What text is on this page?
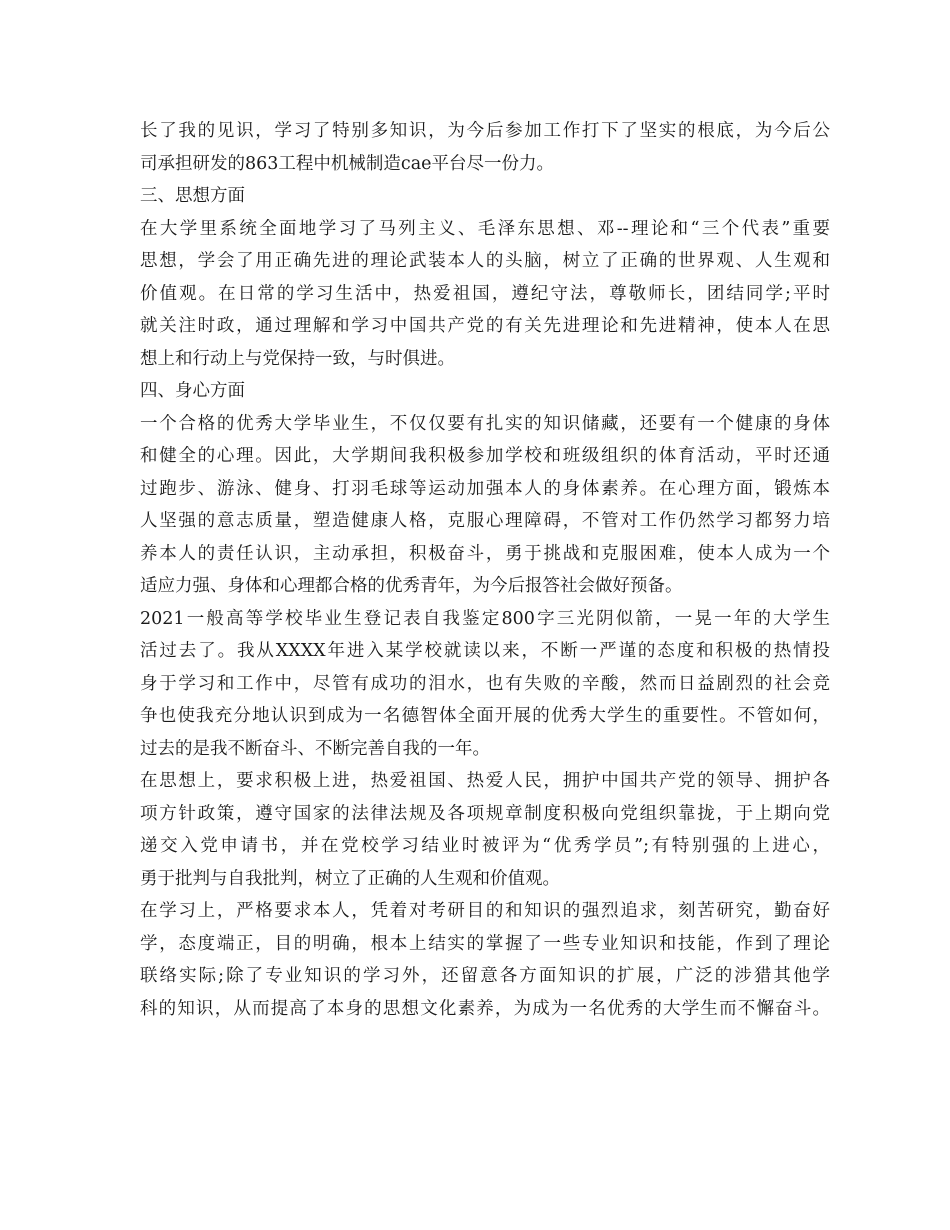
长了我的见识，学习了特别多知识，为今后参加工作打下了坚实的根底，为今后公
司承担研发的863工程中机械制造cae平台尽一份力。
三、思想方面
在大学里系统全面地学习了马列主义、毛泽东思想、邓--理论和“三个代表”重要
思想，学会了用正确先进的理论武装本人的头脑，树立了正确的世界观、人生观和
价值观。在日常的学习生活中，热爱祖国，遵纪守法，尊敬师长，团结同学;平时
就关注时政，通过理解和学习中国共产党的有关先进理论和先进精神，使本人在思
想上和行动上与党保持一致，与时俱进。
四、身心方面
一个合格的优秀大学毕业生，不仅仅要有扎实的知识储藏，还要有一个健康的身体
和健全的心理。因此，大学期间我积极参加学校和班级组织的体育活动，平时还通
过跑步、游泳、健身、打羽毛球等运动加强本人的身体素养。在心理方面，锻炼本
人坚强的意志质量，塑造健康人格，克服心理障碍，不管对工作仍然学习都努力培
养本人的责任认识，主动承担，积极奋斗，勇于挑战和克服困难，使本人成为一个
适应力强、身体和心理都合格的优秀青年，为今后报答社会做好预备。
2021一般高等学校毕业生登记表自我鉴定800字三光阴似箭，一晃一年的大学生
活过去了。我从XXXX年进入某学校就读以来，不断一严谨的态度和积极的热情投
身于学习和工作中，尽管有成功的泪水，也有失败的辛酸，然而日益剧烈的社会竞
争也使我充分地认识到成为一名德智体全面开展的优秀大学生的重要性。不管如何，
过去的是我不断奋斗、不断完善自我的一年。
在思想上，要求积极上进，热爱祖国、热爱人民，拥护中国共产党的领导、拥护各
项方针政策，遵守国家的法律法规及各项规章制度积极向党组织靠拢，于上期向党
递交入党申请书，并在党校学习结业时被评为“优秀学员”;有特别强的上进心，
勇于批判与自我批判，树立了正确的人生观和价值观。
在学习上，严格要求本人，凭着对考研目的和知识的强烈追求，刻苦研究，勤奋好
学，态度端正，目的明确，根本上结实的掌握了一些专业知识和技能，作到了理论
联络实际;除了专业知识的学习外，还留意各方面知识的扩展，广泛的涉猎其他学
科的知识，从而提高了本身的思想文化素养，为成为一名优秀的大学生而不懈奋斗。
